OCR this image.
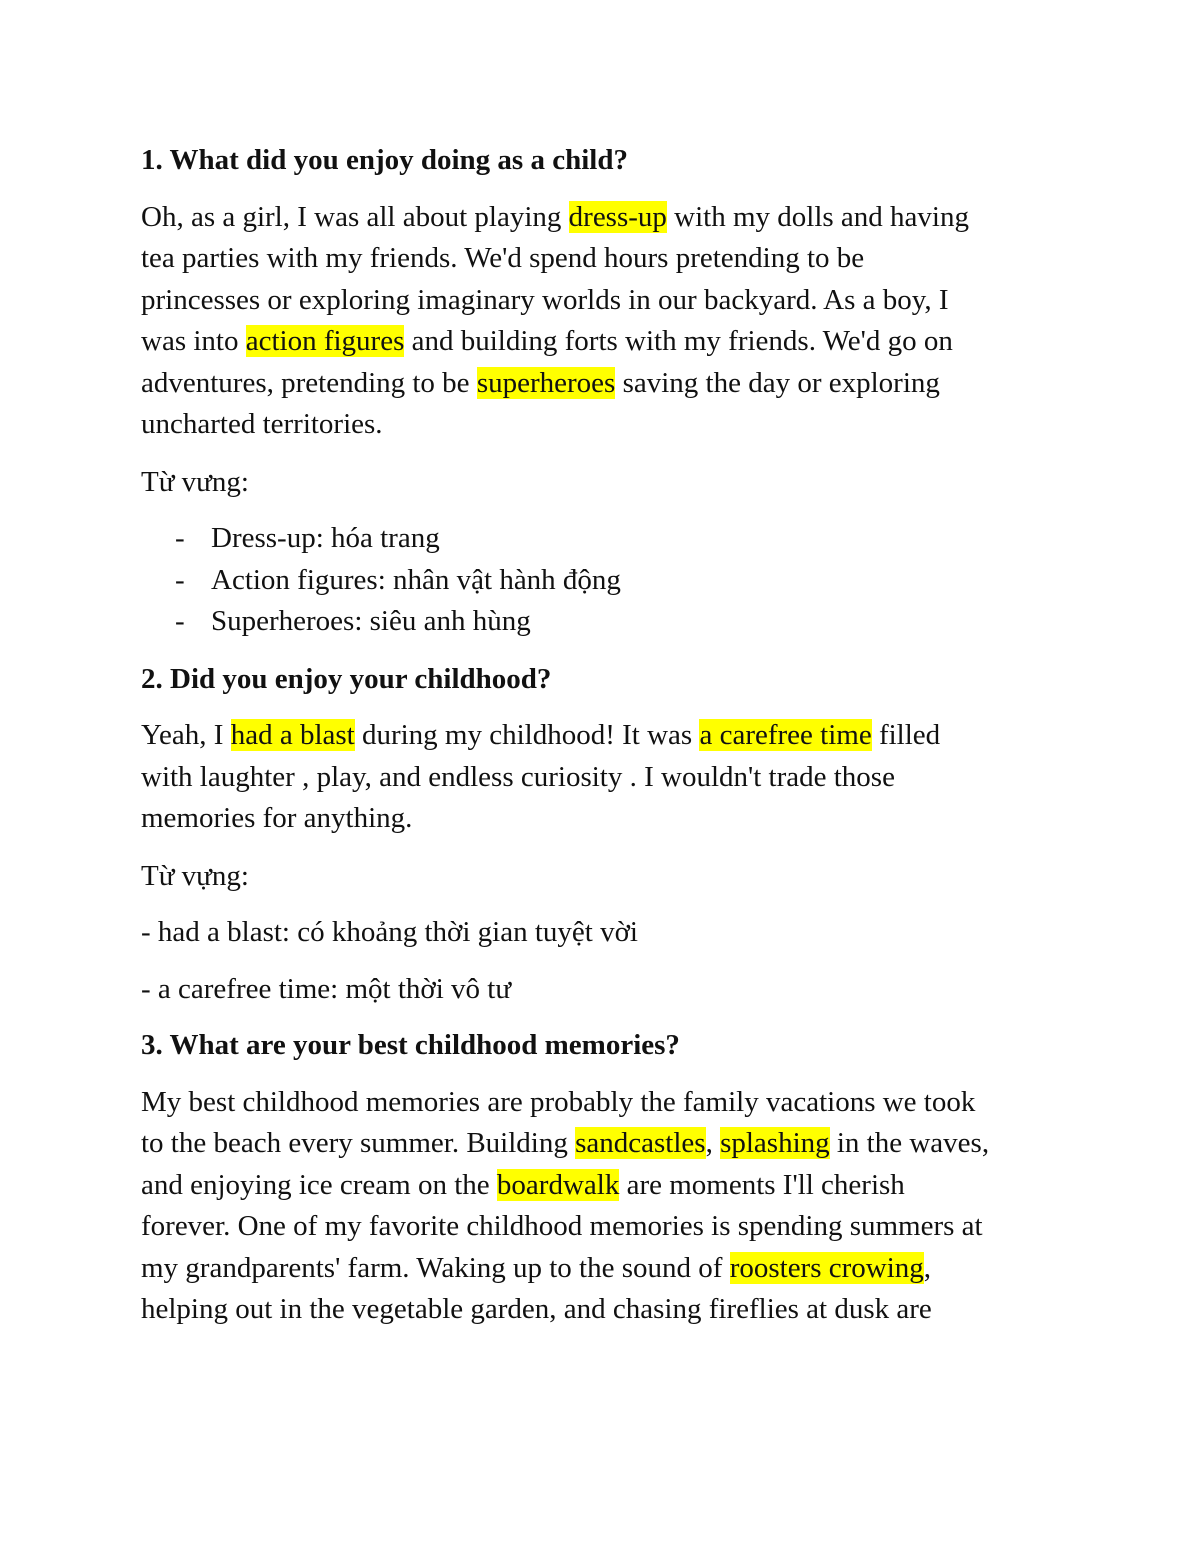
1. What did you enjoy doing as a child?
Oh, as a girl, I was all about playing dress-up with my dolls and having
tea parties with my friends. We'd spend hours pretending to be
princesses or exploring imaginary worlds in our backyard. As a boy, I
was into action figures and building forts with my friends. We'd go on
adventures, pretending to be superheroes saving the day or exploring
uncharted territories.
Từ vưng:
- Dress-up: hóa trang
- Action figures: nhân vật hành động
- Superheroes: siêu anh hùng
2. Did you enjoy your childhood?
Yeah, I had a blast during my childhood! It was a carefree time filled
with laughter , play, and endless curiosity . I wouldn't trade those
memories for anything.
Từ vựng:
- had a blast: có khoảng thời gian tuyệt vời
- a carefree time: một thời vô tư
3. What are your best childhood memories?
My best childhood memories are probably the family vacations we took
to the beach every summer. Building sandcastles, splashing in the waves,
and enjoying ice cream on the boardwalk are moments I'll cherish
forever. One of my favorite childhood memories is spending summers at
my grandparents' farm. Waking up to the sound of roosters crowing,
helping out in the vegetable garden, and chasing fireflies at dusk are
